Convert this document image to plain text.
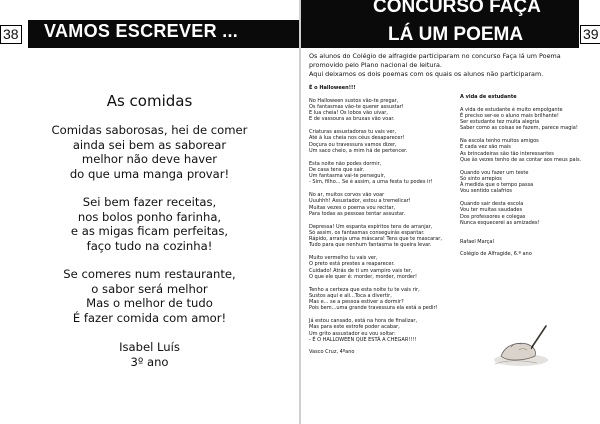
VAMOS ESCREVER ...
38
As comidas
Comidas saborosas, hei de comer
ainda sei bem as saborear
melhor não deve haver
do que uma manga provar!
Sei bem fazer receitas,
nos bolos ponho farinha,
e as migas ficam perfeitas,
faço tudo na cozinha!
Se comeres num restaurante,
o sabor será melhor
Mas o melhor de tudo
É fazer comida com amor!
Isabel Luís
3º ano
CONCURSO FAÇA
LÁ UM POEMA	39
Os alunos do Colégio de alfragide participaram no concurso Faça lá um Poema
promovido pelo Plano nacional de leitura.
Aqui deixamos os dois poemas com os quais os alunos não participaram.
É o Halloween!!!
No Halloween sustos vão-te pregar,
Os fantasmas vão-te querer assustar!
E lua cheia! Os lobos vão uivar,
E de vassoura as bruxas vão voar.
Criaturas assustadoras tu vais ver,
Até à lua cheia nos céus desaparecer!
Doçura ou travessura vamos dizer,
Um saco cheio, a mim há de pertencer.
Esta noite não podes dormir,
De casa tens que sair.
Um fantasma vai-te perseguir,
- Sim, filho... Se é assim, a uma festa tu podes ir!
No ar, muitos corvos vão voar
Uuuhhh! Assustador, estou a tremelicar!
Muitas vezes o poema vou recitar,
Para todas as pessoas tentar assustar.
Depressa! Um espanta espíritos tens de arranjar,
Só assim, os fantasmas conseguirás espantar.
Rápido, arranja uma máscara! Tens que te mascarar,
Tudo para que nenhum fantasma te queira levar.
Muito vermelho tu vais ver,
O preto está prestes a reaparecer.
Cuidado! Atrás de ti um vampiro vais ter,
O que ele quer é: morder, morder, morder!
Tenho a certeza que esta noite tu te vais rir,
Sustos aqui e ali...Toca a divertir,
Mas e... se a pessoa estiver a dormir?
Pois bem...uma grande travessura ela está a pedir!
Já estou cansado, está na hora de finalizar,
Mas para este estrofe poder acabar,
Um grito assustador eu vou soltar:
- É O HALLOWEEN QUE ESTÁ A CHEGAR!!!!
Vasco Cruz, 4ºano
A vida de estudante
A vida de estudante é muito empolgante
É preciso ser-se o aluno mais brilhante!
Ser estudante tez muita alegria
Saber como as coisas se fazem, parece magia!
Na escola tenho muitos amigos
E cada vez são mais
As brincadeiras são tão interessantes
Que às vezes tenho de as contar aos meus pais.
Quando vou fazer um teste
Só sinto arrepios
À medida que o tempo passa
Vou sentido calafrios
Quando sair desta escola
Vou ter muitas saudades
Dos professores e colegas
Nunca esquecerei as amizades!
Rafael Marçal
Colégio de Alfragide, 6.º ano
